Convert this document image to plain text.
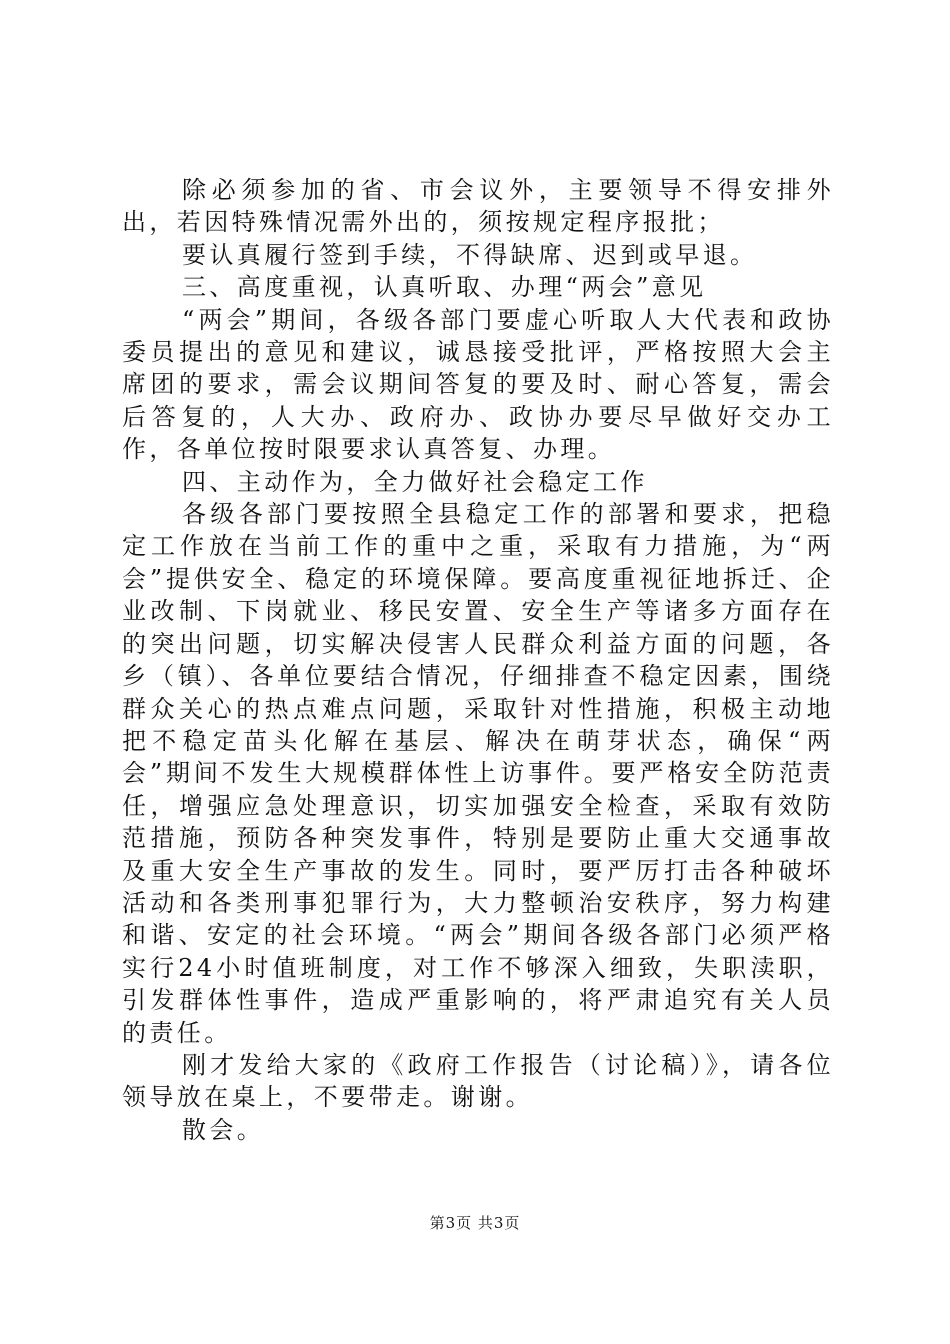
除必须参加的省、市会议外，主要领导不得安排外出，若因特殊情况需外出的，须按规定程序报批；

要认真履行签到手续，不得缺席、迟到或早退。

三、高度重视，认真听取、办理“两会”意见

“两会”期间，各级各部门要虚心听取人大代表和政协委员提出的意见和建议，诚恳接受批评，严格按照大会主席团的要求，需会议期间答复的要及时、耐心答复，需会后答复的，人大办、政府办、政协办要尽早做好交办工作，各单位按时限要求认真答复、办理。

四、主动作为，全力做好社会稳定工作

各级各部门要按照全县稳定工作的部署和要求，把稳定工作放在当前工作的重中之重，采取有力措施，为“两会”提供安全、稳定的环境保障。要高度重视征地拆迁、企业改制、下岗就业、移民安置、安全生产等诸多方面存在的突出问题，切实解决侵害人民群众利益方面的问题，各乡（镇）、各单位要结合情况，仔细排查不稳定因素，围绕群众关心的热点难点问题，采取针对性措施，积极主动地把不稳定苗头化解在基层、解决在萌芽状态，确保“两会”期间不发生大规模群体性上访事件。要严格安全防范责任，增强应急处理意识，切实加强安全检查，采取有效防范措施，预防各种突发事件，特别是要防止重大交通事故及重大安全生产事故的发生。同时，要严厉打击各种破坏活动和各类刑事犯罪行为，大力整顿治安秩序，努力构建和谐、安定的社会环境。“两会”期间各级各部门必须严格实行24小时值班制度，对工作不够深入细致，失职渎职，引发群体性事件，造成严重影响的，将严肃追究有关人员的责任。

刚才发给大家的《政府工作报告（讨论稿）》，请各位领导放在桌上，不要带走。谢谢。

散会。

第3页 共3页
